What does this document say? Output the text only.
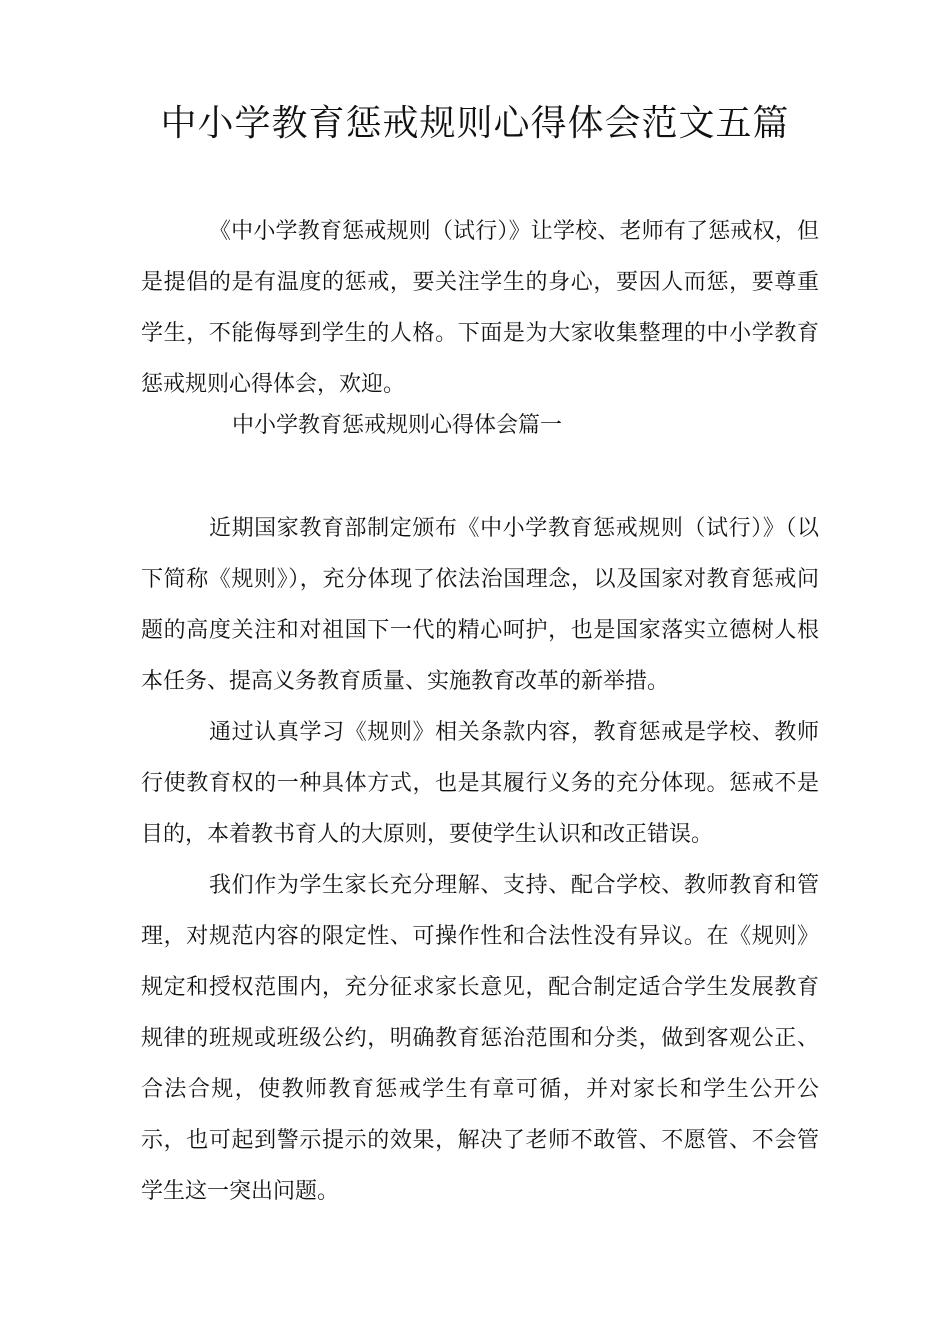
中小学教育惩戒规则心得体会范文五篇

《中小学教育惩戒规则（试行）》让学校、老师有了惩戒权，但是提倡的是有温度的惩戒，要关注学生的身心，要因人而惩，要尊重学生，不能侮辱到学生的人格。下面是为大家收集整理的中小学教育惩戒规则心得体会，欢迎。

中小学教育惩戒规则心得体会篇一

近期国家教育部制定颁布《中小学教育惩戒规则（试行）》（以下简称《规则》），充分体现了依法治国理念，以及国家对教育惩戒问题的高度关注和对祖国下一代的精心呵护，也是国家落实立德树人根本任务、提高义务教育质量、实施教育改革的新举措。

通过认真学习《规则》相关条款内容，教育惩戒是学校、教师行使教育权的一种具体方式，也是其履行义务的充分体现。惩戒不是目的，本着教书育人的大原则，要使学生认识和改正错误。

我们作为学生家长充分理解、支持、配合学校、教师教育和管理，对规范内容的限定性、可操作性和合法性没有异议。在《规则》规定和授权范围内，充分征求家长意见，配合制定适合学生发展教育规律的班规或班级公约，明确教育惩治范围和分类，做到客观公正、合法合规，使教师教育惩戒学生有章可循，并对家长和学生公开公示，也可起到警示提示的效果，解决了老师不敢管、不愿管、不会管学生这一突出问题。
